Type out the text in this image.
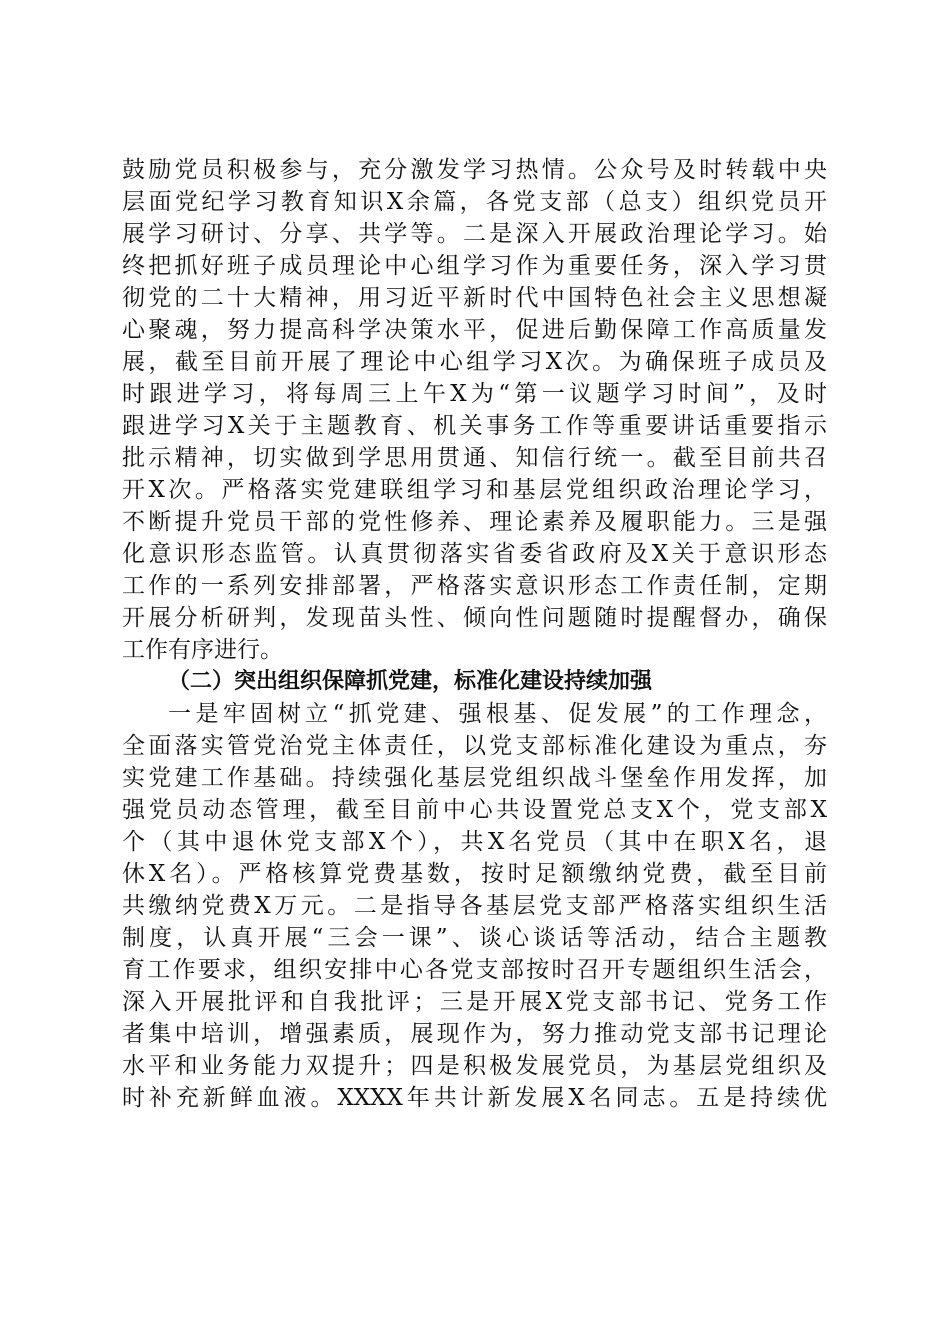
鼓励党员积极参与，充分激发学习热情。公众号及时转载中央
层面党纪学习教育知识X余篇，各党支部（总支）组织党员开
展学习研讨、分享、共学等。二是深入开展政治理论学习。始
终把抓好班子成员理论中心组学习作为重要任务，深入学习贯
彻党的二十大精神，用习近平新时代中国特色社会主义思想凝
心聚魂，努力提高科学决策水平，促进后勤保障工作高质量发
展，截至目前开展了理论中心组学习X次。为确保班子成员及
时跟进学习，将每周三上午X为“第一议题学习时间”，及时
跟进学习X关于主题教育、机关事务工作等重要讲话重要指示
批示精神，切实做到学思用贯通、知信行统一。截至目前共召
开X次。严格落实党建联组学习和基层党组织政治理论学习，
不断提升党员干部的党性修养、理论素养及履职能力。三是强
化意识形态监管。认真贯彻落实省委省政府及X关于意识形态
工作的一系列安排部署，严格落实意识形态工作责任制，定期
开展分析研判，发现苗头性、倾向性问题随时提醒督办，确保
工作有序进行。
（二）突出组织保障抓党建，标准化建设持续加强
一是牢固树立“抓党建、强根基、促发展”的工作理念，
全面落实管党治党主体责任，以党支部标准化建设为重点，夯
实党建工作基础。持续强化基层党组织战斗堡垒作用发挥，加
强党员动态管理，截至目前中心共设置党总支X个，党支部X
个（其中退休党支部X个），共X名党员（其中在职X名，退
休X名）。严格核算党费基数，按时足额缴纳党费，截至目前
共缴纳党费X万元。二是指导各基层党支部严格落实组织生活
制度，认真开展“三会一课”、谈心谈话等活动，结合主题教
育工作要求，组织安排中心各党支部按时召开专题组织生活会，
深入开展批评和自我批评；三是开展X党支部书记、党务工作
者集中培训，增强素质，展现作为，努力推动党支部书记理论
水平和业务能力双提升；四是积极发展党员，为基层党组织及
时补充新鲜血液。XXXX年共计新发展X名同志。五是持续优
